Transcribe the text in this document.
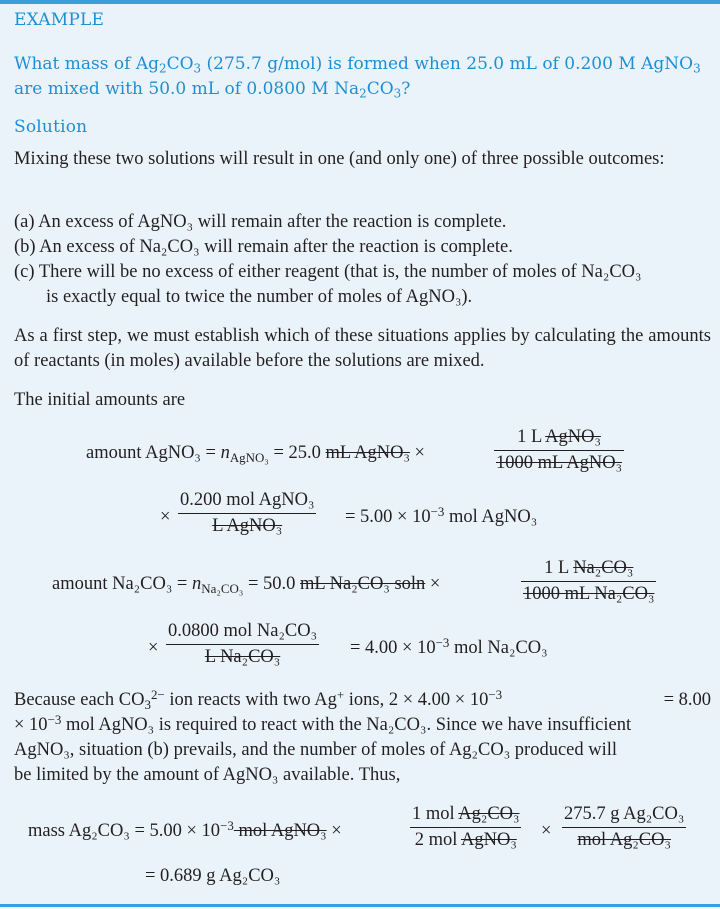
EXAMPLE
What mass of $Ag_2CO_3$ (275.7 g/mol) is formed when 25.0 mL of 0.200 M AgNO$_3$ are mixed with 50.0 mL of 0.0800 M $Na_2CO_3$?
Solution
Mixing these two solutions will result in one (and only one) of three possible outcomes:
(a) An excess of AgNO₃ will remain after the reaction is complete.
(b) An excess of Na₂CO₃ will remain after the reaction is complete.
(c) There will be no excess of either reagent (that is, the number of moles of Na₂CO₃
is exactly equal to twice the number of moles of AgNO₃).
As a first step, we must establish which of these situations applies by calculating the amounts of reactants (in moles) available before the solutions are mixed.
The initial amounts are
amount AgNO₃ = $n_{AgNO_3} = 25.0$ mL AgNO₃ ×
1 L AgNO₃
1000 mL AgNO₃
×
0.200 mol AgNO₃
L AgNO₃	= $5.00 \times 10^{-3}$ mol AgNO₃
amount $Na_2CO_3 = n_{Na_2CO_3} = 50.0$ mL Na₂CO₃ soln ×
1 L Na₂CO₃
1000 mL Na₂CO₃
×
0.0800 mol Na₂CO₃
L Na₂CO₃	= $4.00 \times 10^{-3}$ mol Na₂CO₃
Because each $CO_3^{2-}$ ion reacts with two Ag+ ions, $2 \times 4.00 \times 10^{-3}$	= 8.00
× $10^{-3}$ mol AgNO₃ is required to react with the Na₂CO₃. Since we have insufficient
AgNO₃, situation (b) prevails, and the number of moles of Ag₂CO₃ produced will
be limited by the amount of AgNO₃ available. Thus,
mass $Ag_2CO_3 = 5.00 \times 10^{-3}$ mol AgNO₃ ×
1 mol Ag₂CO₃
2 mol AgNO₃ ×
275.7 g Ag₂CO₃
mol Ag₂CO₃
= 0.689 g Ag₂CO₃
